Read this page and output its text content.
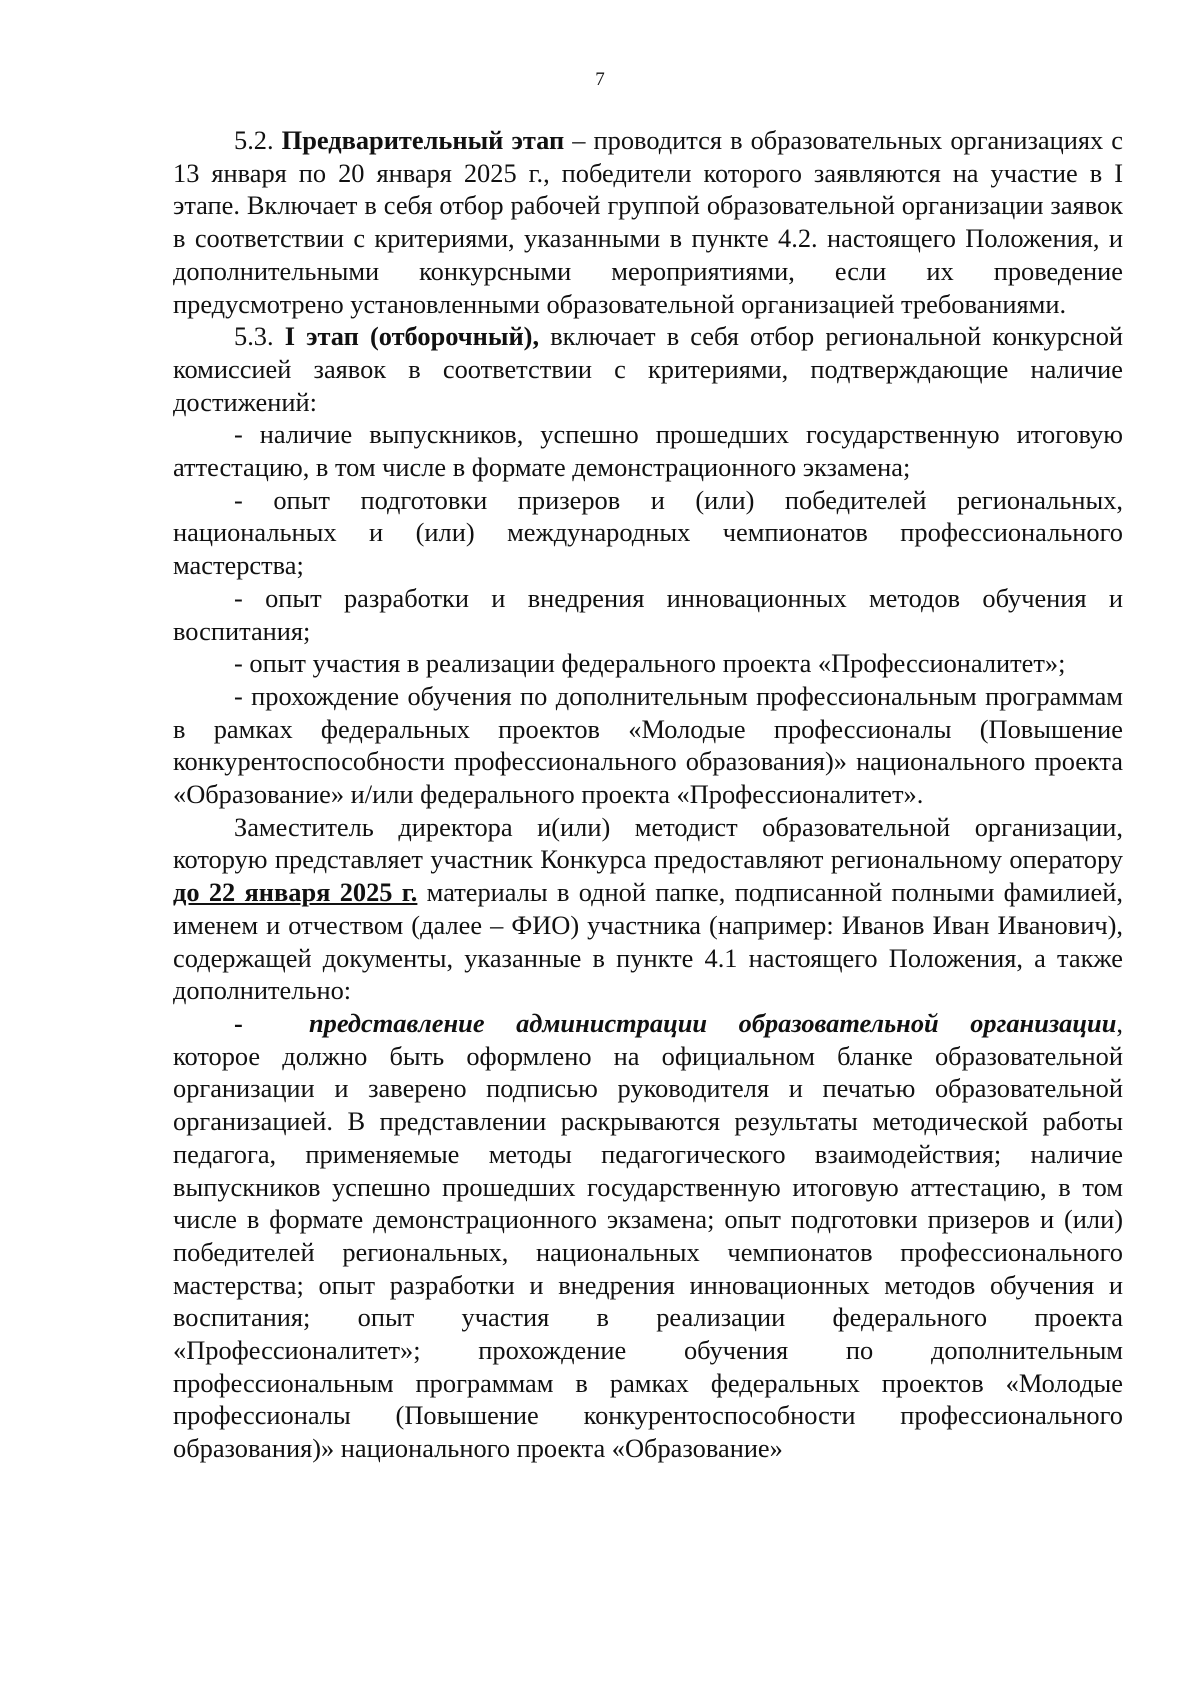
7

5.2. Предварительный этап – проводится в образовательных организациях с 13 января по 20 января 2025 г., победители которого заявляются на участие в I этапе. Включает в себя отбор рабочей группой образовательной организации заявок в соответствии с критериями, указанными в пункте 4.2. настоящего Положения, и дополнительными конкурсными мероприятиями, если их проведение предусмотрено установленными образовательной организацией требованиями.

5.3. I этап (отборочный), включает в себя отбор региональной конкурсной комиссией заявок в соответствии с критериями, подтверждающие наличие достижений:

- наличие выпускников, успешно прошедших государственную итоговую аттестацию, в том числе в формате демонстрационного экзамена;

- опыт подготовки призеров и (или) победителей региональных, национальных и (или) международных чемпионатов профессионального мастерства;

- опыт разработки и внедрения инновационных методов обучения и воспитания;

- опыт участия в реализации федерального проекта «Профессионалитет»;

- прохождение обучения по дополнительным профессиональным программам в рамках федеральных проектов «Молодые профессионалы (Повышение конкурентоспособности профессионального образования)» национального проекта «Образование» и/или федерального проекта «Профессионалитет».

Заместитель директора и(или) методист образовательной организации, которую представляет участник Конкурса предоставляют региональному оператору до 22 января 2025 г. материалы в одной папке, подписанной полными фамилией, именем и отчеством (далее – ФИО) участника (например: Иванов Иван Иванович), содержащей документы, указанные в пункте 4.1 настоящего Положения, а также дополнительно:

-	представление администрации образовательной организации, которое должно быть оформлено на официальном бланке образовательной организации и заверено подписью руководителя и печатью образовательной организацией. В представлении раскрываются результаты методической работы педагога, применяемые методы педагогического взаимодействия; наличие выпускников успешно прошедших государственную итоговую аттестацию, в том числе в формате демонстрационного экзамена; опыт подготовки призеров и (или) победителей региональных, национальных чемпионатов профессионального мастерства; опыт разработки и внедрения инновационных методов обучения и воспитания; опыт участия в реализации федерального проекта «Профессионалитет»; прохождение обучения по дополнительным профессиональным программам в рамках федеральных проектов «Молодые профессионалы (Повышение конкурентоспособности профессионального образования)» национального проекта «Образование»
